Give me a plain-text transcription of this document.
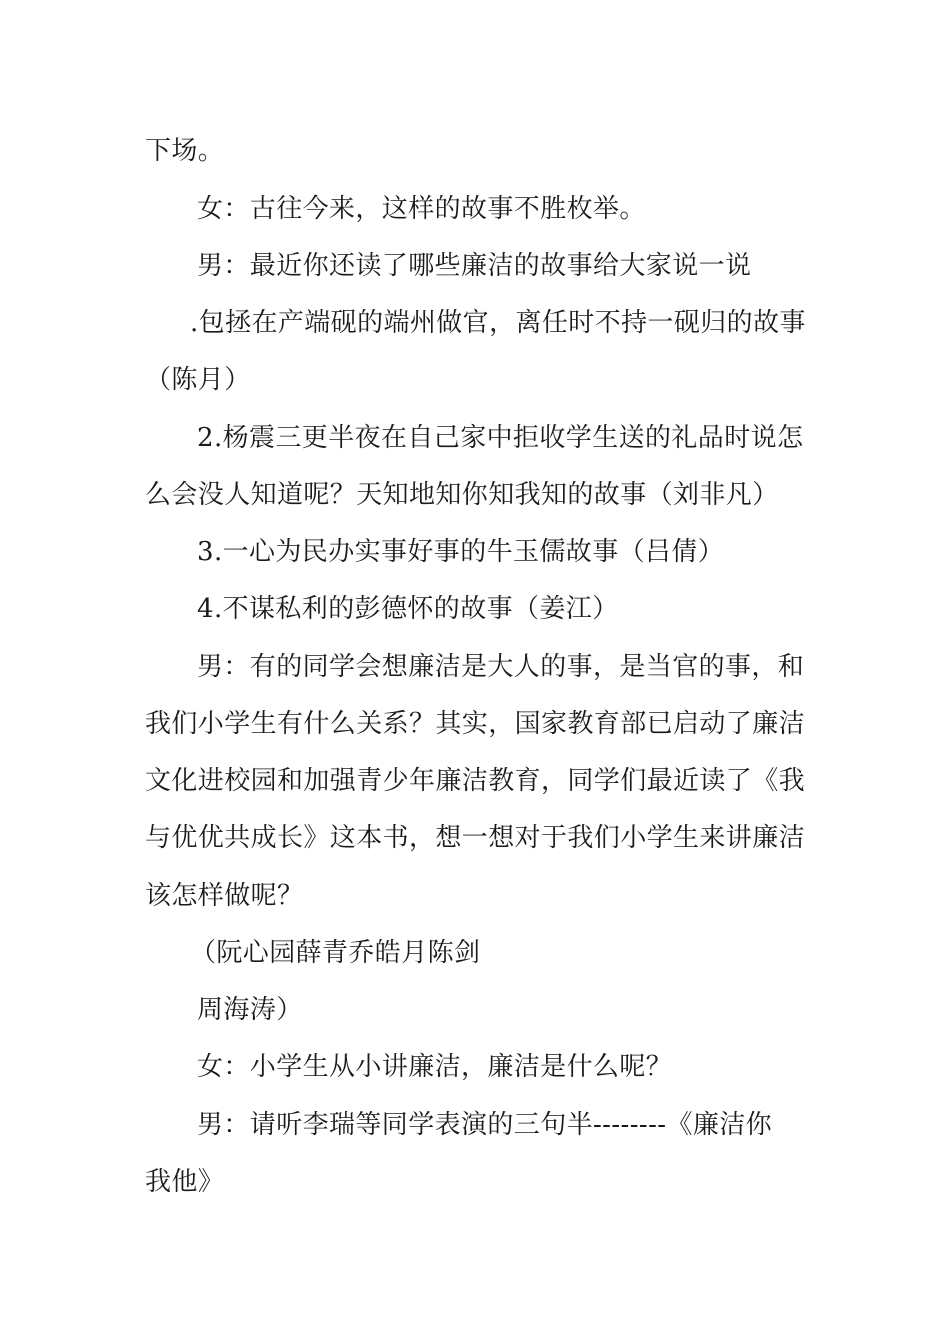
下场。
女：古往今来，这样的故事不胜枚举。
男：最近你还读了哪些廉洁的故事给大家说一说
.包拯在产端砚的端州做官，离任时不持一砚归的故事
（陈月）
2.杨震三更半夜在自己家中拒收学生送的礼品时说怎
么会没人知道呢？天知地知你知我知的故事（刘非凡）
3.一心为民办实事好事的牛玉儒故事（吕倩）
4.不谋私利的彭德怀的故事（姜江）
男：有的同学会想廉洁是大人的事，是当官的事，和
我们小学生有什么关系？其实，国家教育部已启动了廉洁
文化进校园和加强青少年廉洁教育，同学们最近读了《我
与优优共成长》这本书，想一想对于我们小学生来讲廉洁
该怎样做呢？
（阮心园薛青乔皓月陈剑
周海涛）
女：小学生从小讲廉洁，廉洁是什么呢？
男：请听李瑞等同学表演的三句半--------《廉洁你
我他》
